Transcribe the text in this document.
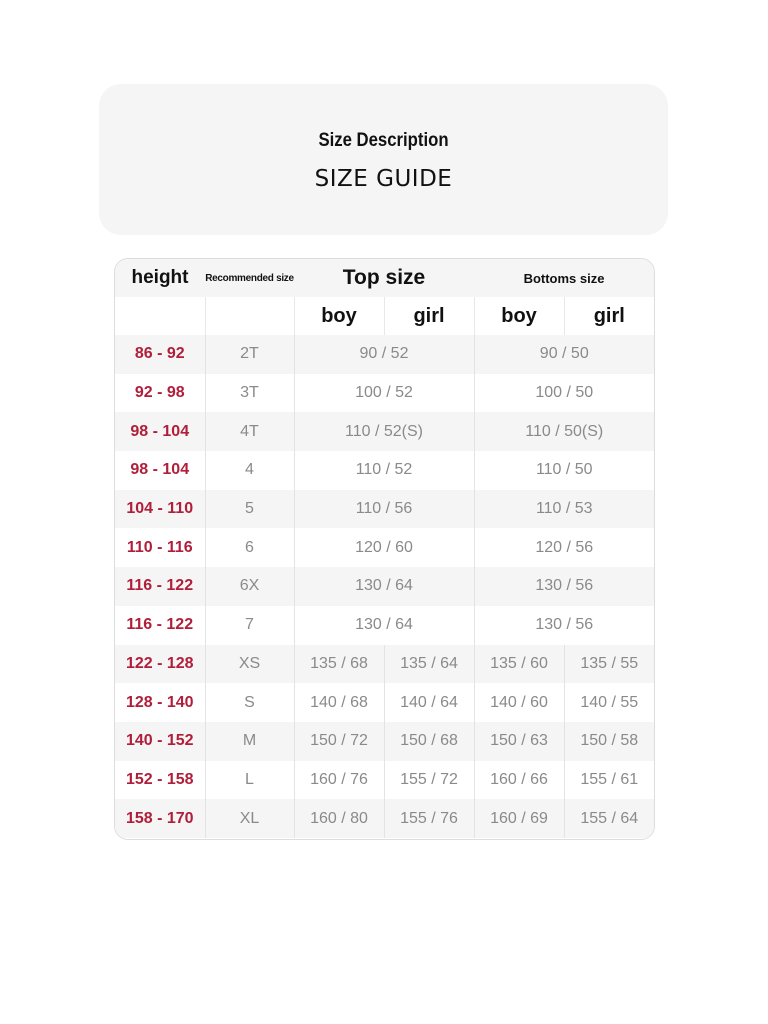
Size Description
SIZE GUIDE
height	Recommended size	Top size		Bottoms size	
		boy	girl	boy	girl
86 - 92	2T	90 / 52		90 / 50	
92 - 98	3T	100 / 52		100 / 50	
98 - 104	4T	110 / 52(S)		110 / 50(S)	
98 - 104	4	110 / 52		110 / 50	
104 - 110	5	110 / 56		110 / 53	
110 - 116	6	120 / 60		120 / 56	
116 - 122	6X	130 / 64		130 / 56	
116 - 122	7	130 / 64		130 / 56	
122 - 128	XS	135 / 68	135 / 64	135 / 60	135 / 55
128 - 140	S	140 / 68	140 / 64	140 / 60	140 / 55
140 - 152	M	150 / 72	150 / 68	150 / 63	150 / 58
152 - 158	L	160 / 76	155 / 72	160 / 66	155 / 61
158 - 170	XL	160 / 80	155 / 76	160 / 69	155 / 64
